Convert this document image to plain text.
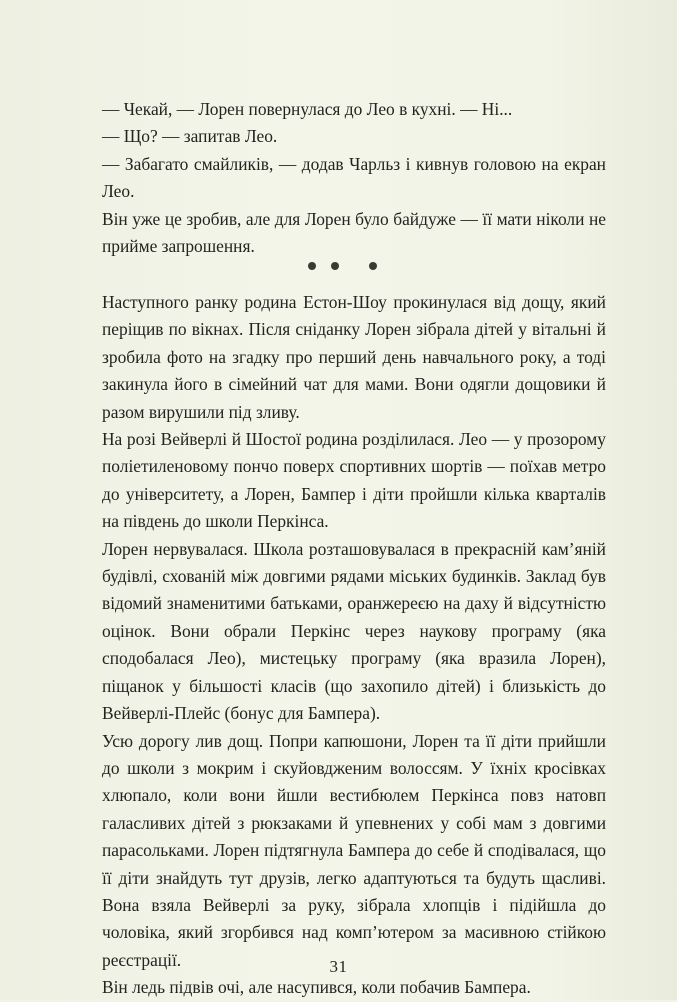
— Чекай, — Лорен повернулася до Лео в кухні. — Ні...

— Що? — запитав Лео.

— Забагато смайликів, — додав Чарльз і кивнув головою на екран Лео.

Він уже це зробив, але для Лорен було байдуже — її мати ніколи не прийме запрошення.

Наступного ранку родина Естон-Шоу прокинулася від дощу, який періщив по вікнах. Після сніданку Лорен зібрала дітей у вітальні й зробила фото на згадку про перший день навчального року, а тоді закинула його в сімейний чат для мами. Вони одягли дощовики й разом вирушили під зливу.

На розі Вейверлі й Шостої родина розділилася. Лео — у прозорому поліетиленовому пончо поверх спортивних шортів — поїхав метро до університету, а Лорен, Бампер і діти пройшли кілька кварталів на південь до школи Перкінса.

Лорен нервувалася. Школа розташовувалася в прекрасній кам’яній будівлі, схованій між довгими рядами міських будинків. Заклад був відомий знаменитими батьками, оранжереєю на даху й відсутністю оцінок. Вони обрали Перкінс через наукову програму (яка сподобалася Лео), мистецьку програму (яка вразила Лорен), піщанок у більшості класів (що захопило дітей) і близькість до Вейверлі-Плейс (бонус для Бампера).

Усю дорогу лив дощ. Попри капюшони, Лорен та її діти прийшли до школи з мокрим і скуйовдженим волоссям. У їхніх кросівках хлюпало, коли вони йшли вестибюлем Перкінса повз натовп галасливих дітей з рюкзаками й упевнених у собі мам з довгими парасольками. Лорен підтягнула Бампера до себе й сподівалася, що її діти знайдуть тут друзів, легко адаптуються та будуть щасливі. Вона взяла Вейверлі за руку, зібрала хлопців і підійшла до чоловіка, який згорбився над комп’ютером за масивною стійкою реєстрації.

Він ледь підвів очі, але насупився, коли побачив Бампера.

31
